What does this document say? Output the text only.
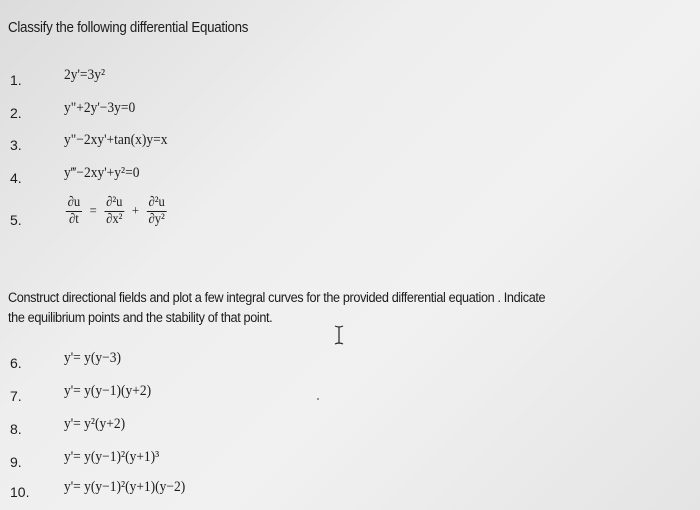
Classify the following differential Equations
1.	2y'=3y²
2.	y"+2y'−3y=0
3.	y"−2xy'+tan(x)y=x
4.	y‴−2xy'+y²=0
5.	$\frac{\partial u}{\partial t} = \frac{\text{∂²u}}{\text{∂x²}} + \frac{\text{∂²u}}{\text{∂y²}}$
Construct directional fields and plot a few integral curves for the provided differential equation . Indicate
the equilibrium points and the stability of that point.
6.	y'= y(y−3)
7.	y'= y(y−1)(y+2)
8.	y'= y²(y+2)
9.	y'= y(y−1)²(y+1)³
10. y'= y(y−1)²(y+1)(y−2)
